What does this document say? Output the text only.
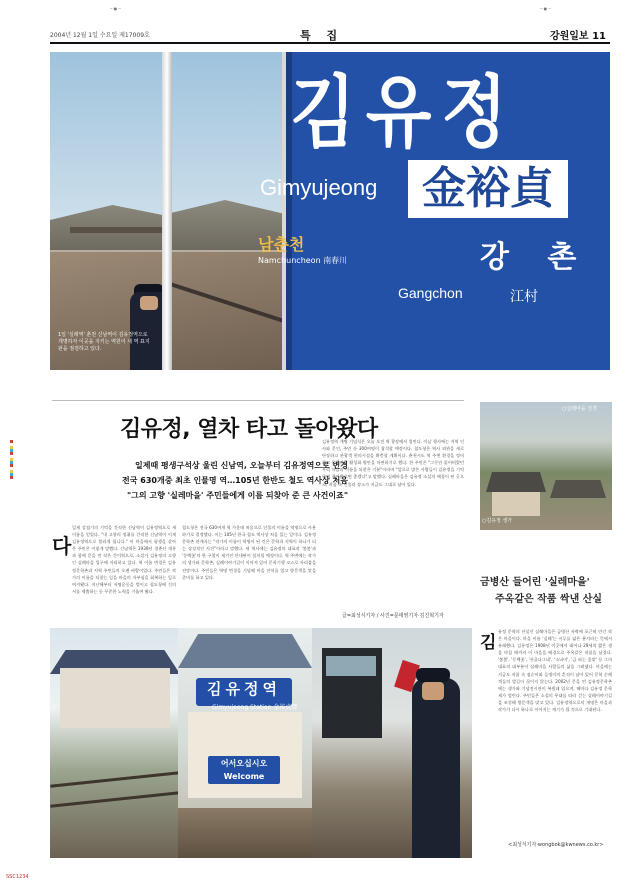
─ ● ─	─ ● ─
2004년 12월 1일 수요일 제17009호	특 집	강원일보 11
김유정
Gimyujeong	金裕貞
남춘천
Namchuncheon 南春川	강 촌
Gangchon	江村
1일 '실레역' 춘천 신남역이 김유정역으로 개명하자 이곳을 지키는 역원이 새 역 표지판을 점검하고 있다.
김유정, 열차 타고 돌아왔다
일제때 평생구석상 울린 신남역, 오늘부터 김유정역으로 변경
전국 630개중 최초 인물명 역…105년 한반도 철도 역사상 처음
"그의 고향 '실레마을' 주민들에게 이름 되찾아 준 큰 사건이죠"
다
일제 강점기의 기억을 간직한 신남역이 김유정역으로 새 이름을 얻었다. "내 고향의 정취를 간직한 신남역이 이제 김유정역으로 불리게 됩니다." 이 마을에서 평생을 살아온 주민은 이렇게 말했다. 신남역은 1939년 경춘선 개통과 함께 문을 연 작은 간이역으로, 소설가 김유정의 고향인 실레마을 입구에 자리하고 있다. 역 이름 변경은 김유정문학촌과 지역 주민들의 오랜 바람이었다. 주민들은 작가의 이름을 되찾는 일을 마을의 자부심을 회복하는 일로 여겨왔다. 지난해부터 서명운동을 벌이고 철도청에 건의서를 제출하는 등 꾸준한 노력을 기울여 왔다.
철도청은 전국 630여개 역 가운데 처음으로 인물의 이름을 역명으로 사용하기로 결정했다. 이는 105년 한국 철도 역사상 처음 있는 일이다. 김유정문학촌 관계자는 "작가의 이름이 역명이 된 것은 문학과 지역이 하나가 되는 상징적인 사건"이라고 말했다. 새 역사에는 김유정의 대표작 '봄봄'과 '동백꽃'의 한 구절이 새겨진 안내판이 설치될 예정이다. 역 주변에는 작가의 생가와 문학촌, 실레이야기길이 이어져 있어 문학기행 코스로 자리잡을 전망이다. 주민들은 역명 변경을 기념해 마을 잔치를 열고 방문객을 맞을 준비를 하고 있다.
김유정역 개명 기념식은 오늘 오전 역 광장에서 열린다. 이날 행사에는 지역 인사와 문인, 주민 등 300여명이 참석할 예정이다. 철도청은 역사 외관을 새로 단장하고 관광객 편의시설을 확충할 계획이다. 춘천시도 역 주변 환경을 정비하고 문학관광 활성화 방안을 마련하기로 했다. 한 주민은 "그동안 잃어버렸던 우리 마을의 이름을 되찾은 기분"이라며 "앞으로 많은 사람들이 김유정을 기억하며 찾아왔으면 좋겠다"고 말했다. 실레마을은 김유정 소설의 배경이 된 곳으로, 작품 속 인물과 장소가 지금도 그대로 남아 있다.
글=최성식기자 / 사진=문태영기자·김진혁기자
○실레마을 전경
○김유정 생가
금병산 들어린 '실레마을'
주옥같은 작품 싹낸 산실
김
유정 문학의 산실인 실레마을은 금병산 자락에 포근히 안긴 작은 마을이다. 마을 이름 '실레'는 시루를 닮은 분지라는 뜻에서 유래했다. 김유정은 1908년 이곳에서 태어나 29세의 짧은 생을 마칠 때까지 이 마을을 배경으로 주옥같은 작품을 남겼다. '봄봄', '동백꽃', '산골나그네', '소낙비', '금 따는 콩밭' 등 그의 대표작 대부분이 실레마을 사람들의 삶을 그려냈다. 마을에는 지금도 작품 속 점순이와 들병이의 흔적이 남아 있어 문학 순례객들의 발길이 끊이지 않는다. 2002년 문을 연 김유정문학촌에는 생가와 기념전시관이 복원돼 있으며, 해마다 김유정 문학제가 열린다. 주민들은 소설의 무대를 따라 걷는 실레이야기길을 조성해 방문객을 맞고 있다. 김유정역으로의 개명은 마을과 작가가 다시 하나로 이어지는 계기가 될 것으로 기대된다.
<최성식기자·wongbok@kwnews.co.kr>
김유정역
Gimyujeong Station 金裕貞驛
어서오십시오
Welcome
SSC1234
